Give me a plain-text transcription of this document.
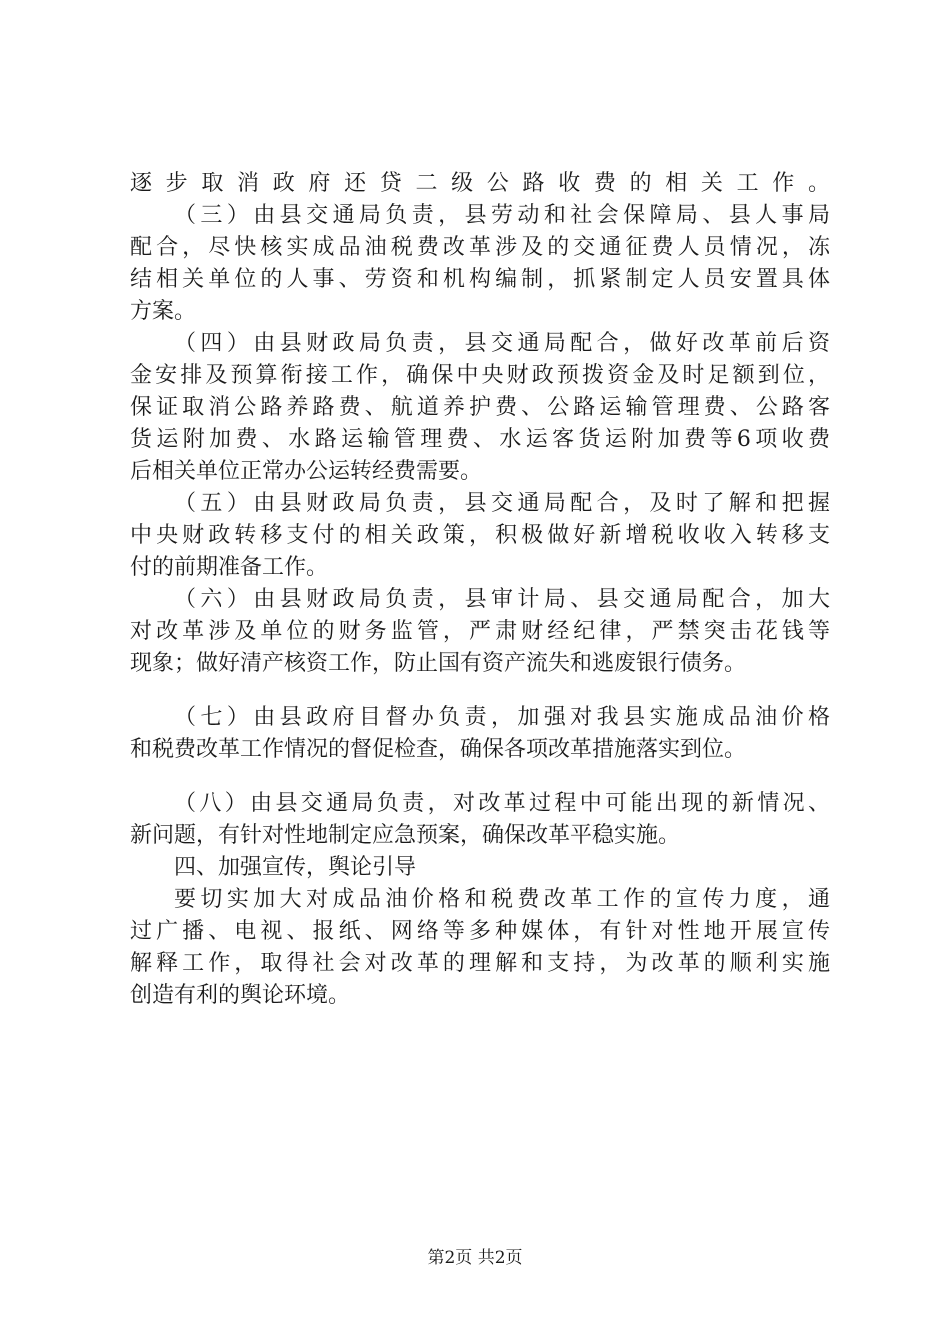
逐步取消政府还贷二级公路收费的相关工作。
（三）由县交通局负责，县劳动和社会保障局、县人事局
配合，尽快核实成品油税费改革涉及的交通征费人员情况，冻
结相关单位的人事、劳资和机构编制，抓紧制定人员安置具体
方案。
（四）由县财政局负责，县交通局配合，做好改革前后资
金安排及预算衔接工作，确保中央财政预拨资金及时足额到位，
保证取消公路养路费、航道养护费、公路运输管理费、公路客
货运附加费、水路运输管理费、水运客货运附加费等6项收费
后相关单位正常办公运转经费需要。
（五）由县财政局负责，县交通局配合，及时了解和把握
中央财政转移支付的相关政策，积极做好新增税收收入转移支
付的前期准备工作。
（六）由县财政局负责，县审计局、县交通局配合，加大
对改革涉及单位的财务监管，严肃财经纪律，严禁突击花钱等
现象；做好清产核资工作，防止国有资产流失和逃废银行债务。
（七）由县政府目督办负责，加强对我县实施成品油价格
和税费改革工作情况的督促检查，确保各项改革措施落实到位。
（八）由县交通局负责，对改革过程中可能出现的新情况、
新问题，有针对性地制定应急预案，确保改革平稳实施。
四、加强宣传，舆论引导
要切实加大对成品油价格和税费改革工作的宣传力度，通
过广播、电视、报纸、网络等多种媒体，有针对性地开展宣传
解释工作，取得社会对改革的理解和支持，为改革的顺利实施
创造有利的舆论环境。
第2页 共2页
